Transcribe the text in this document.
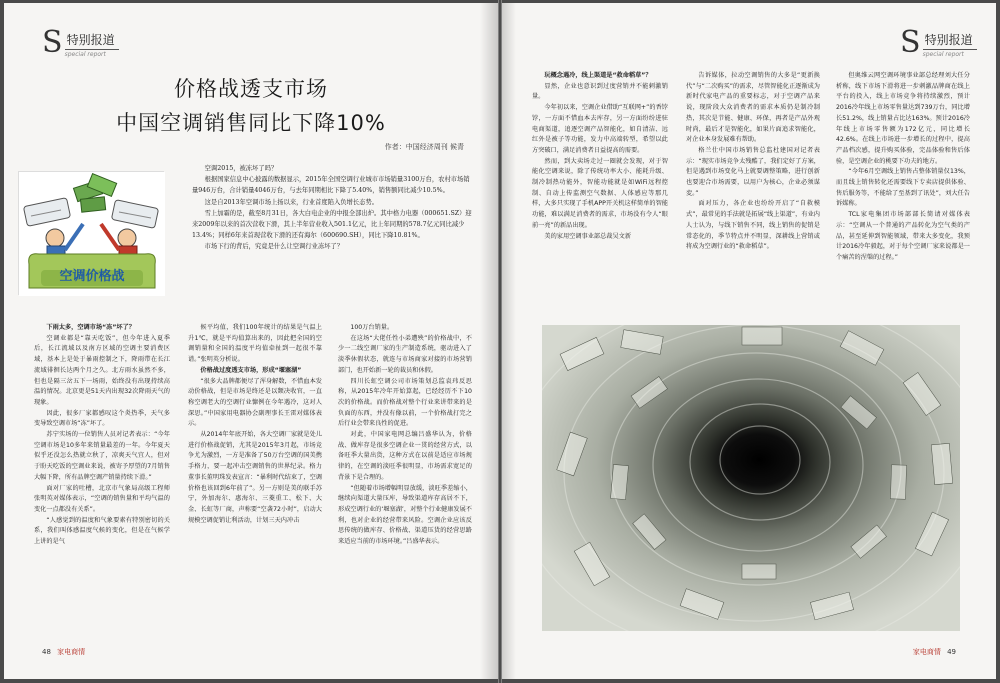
S 特别报道
special report
价格战透支市场
中国空调销售同比下降10%
作者：中国经济周刊 候青
空调价格战

空调2015，被冻坏了吗？

根据国家信息中心披露的数据显示，2015年全国空调行业城市市场销量3100万台，农村市场销量946万台，合计销量4046万台，与去年同期相比下降了5.40%，销售额同比减少10.5%。

这是自2013年空调市场上扬以来，行业首度陷入负增长态势。

雪上加霜的是，截至8月31日，各大白电企业的中报全部出炉。其中格力电器（000651.SZ）迎来2009年以来的首次营收下滑，其上半年营业收入501.1亿元，比上年同期的578.7亿元同比减少13.4%；同样6年来首现营收下滑的还有海尔（600690.SH），同比下降10.81%。

市场下行的背后，究竟是什么让空调行业冻坏了？

下雨太多，空调市场“冻”坏了？

空调业都是“靠天吃饭”，但今年进入夏季后，长江流域以及南方区域的空调主要消费区域，基本上是处于暴雨控制之下，降雨带在长江流域徘徊长达两个月之久。北方雨水虽然不多，但也是隔三岔五下一场雨，始终没有出现持续高温的情况。北京更是51天内出现32次降雨天气的现象。

因此，很多厂家都感叹这个炎热季，天气多变导致空调市场“冻”坏了。

苏宁实场的一位销售人员对记者表示：“今年空调市场是10多年来销量最差的一年。今年夏天似乎还没怎么热就立秋了，凉爽天气宜人，但对于盼天吃饭的空调业来说，被寄予厚望的7月销售大幅下降，所有品牌空调产销量持续下滑。”

面对厂家的吐槽，北京市气象局高级工程师张明英对媒体表示，“空调的销售量和平均气温的变化一点都没有关系”。

“人感觉到的温度和气象要素有特别密切的关系，我们叫体感温度气候的变化，但是在气候学上讲的是气

候平均值，我们100年统计的结果是气温上升1℃，就是平均值算出来的，因此把全国的空调销量和全国的温度平均值牵扯到一起很不靠谱。”张明英分析说。

价格战过度透支市场，形成“堰塞湖”

“很多大品牌都便尽了浑身解数，不惜血本发动价格战，但是市场是终还是以颓决收官，一直称空调老大的空调行业慷例在今年遇冷，这对人深思。”中国家用电器协会副理事长王雷对媒体表示。

从2014年年底开始，各大空调厂家就是处儿进行价格战促销，尤其是2015年3月起，市场竞争尤为激烈，一方是准备了50万台空调的国美携手格力，要一起冲击空调销售的世界纪录。格力董事长董明珠发表宣言：“暴利时代结束了，空调价格也该回到6年前了”。另一方则是美的联手苏宁，外加海尔、惠海尔、三菱重工、松下、大金、长虹等厂商，声称要“空袭72小时”，启动大规模空调促销让利活动，计划三天内冲击

100万台销量。

在这场“大佬任性小弟遭殃”的价格战中，不少一二线空调厂家的生产制造系统，驱动进入了淡季休假状态，就连与市场商家对接的市场营销部门，也开始新一轮的裁员和休假。

四川长虹空调公司市场策划总监袁玮反思称，从2015年冷年开始算起，已经经历不下10次的价格战。而价格战对整个行业来讲带来的是负面的东西，并没有像以前，一个价格战打完之后行业会带来良性的促进。

对此，中国家电网总编吕盛华认为，价格战、做库存是很多空调企业一贯的经营方式，以备旺季大量出货，这种方式在以前是适应市场规律的，在空调的淡旺季很明显，市场需求宽足的背景下是合理的。

“但随着市场增幅明显放缓，淡旺季差缩小，继续向渠道大量压库，导致渠道库存高居不下，形成空调行业的‘堰塞湖’，对整个行业健康发展不利，也对企业的经营带来风险。空调企业应该反思传统的做库存、价格战、渠道压货的经营思路来适应当前的市场环境。”吕盛华表示。

48 家电商情
S 特别报道
special report

玩概念遇冷，线上渠道是“救命稻草”？

显然，企业也意识到过度营销并不能刺激销量。

今年初以来，空调企业借助“互联网+”的香饽饽，一方面不惜血本去库存，另一方面纷纷进驻电商渠道，追逐空调产品智能化，如自清洁、远红外是被子等功能，发力中高端转型，希望以此方突破口，满足消费者日益提高的需要。

然而，到大卖场走过一圈就会发现，对于智能化空调来说，除了传统功率大小、能耗升级、制冷制热功能外，智能功能就是如WiFi远程控制、自动上传监测空气数据、人体感应等那几样，大多只实现了手机APP开关机这样简单的智能功能，难以满足消费者的需求，市场没有令人“眼前一亮”的新品出现。

美的家用空调事业部总裁吴文新

告诉媒体，拉动空调销售的大多是“更新换代”与“二次购买”的需求，尽管智能化正逐渐成为新时代家电产品的重要标志，对于空调产品来说，现阶段大众消费者的需求本质仍是制冷制热，其次是节能、健康、环保，再者是产品外观时尚，最后才是智能化，如果片面追求智能化，对企业本身发展难有帮助。

格兰仕中国市场销售总监杜建国对记者表示：“现实市场竞争太残酷了，我们定好了方案，但是遇到市场变化马上就要调整策略，进行创新也要迎合市场需要，以用户为核心，企业必须谋変。”

面对压力，各企业也纷纷开启了“自救模式”，最常见的手法就是拓展“线上渠道”，有业内人士认为，与线下销售不同，线上销售的促销是常态化的，季节特点并不明显，深耕线上营销或将成为空调行业的“救命稻草”。

但奥维云网空调环境事业部总经理刘大任分析称，线下市场下滑将进一步刺激品牌商在线上平台的投入，线上市场竞争将持续激烈，预计2016冷年线上市场零售量达到739万台，同比增长51.2%，线上销量占比达163%。预计2016冷年线上市场零售额为172亿元，同比增长42.6%。在线上市场进一步增长的过程中，提高产品档次感，提升购买体验，完品体验和售后体验，是空调企业的桃要下功夫的地方。

“今年6月空调线上销售占整体销量仅13%，而且线上销售转化还需要线下专卖店提供体验、售后服务等，不能给了至基到了讯处”，刘大任告诉媒称。

TCL家电集团市场部部长简请对媒体表示：“空调从一个普通的产品转化为空气类的产品，甚至延伸到智能领域，带来大多变化，我预计2016冷年毅起，对于每个空调厂家来说都是一个痛苦的涅槃的过程。”

家电商情 49
